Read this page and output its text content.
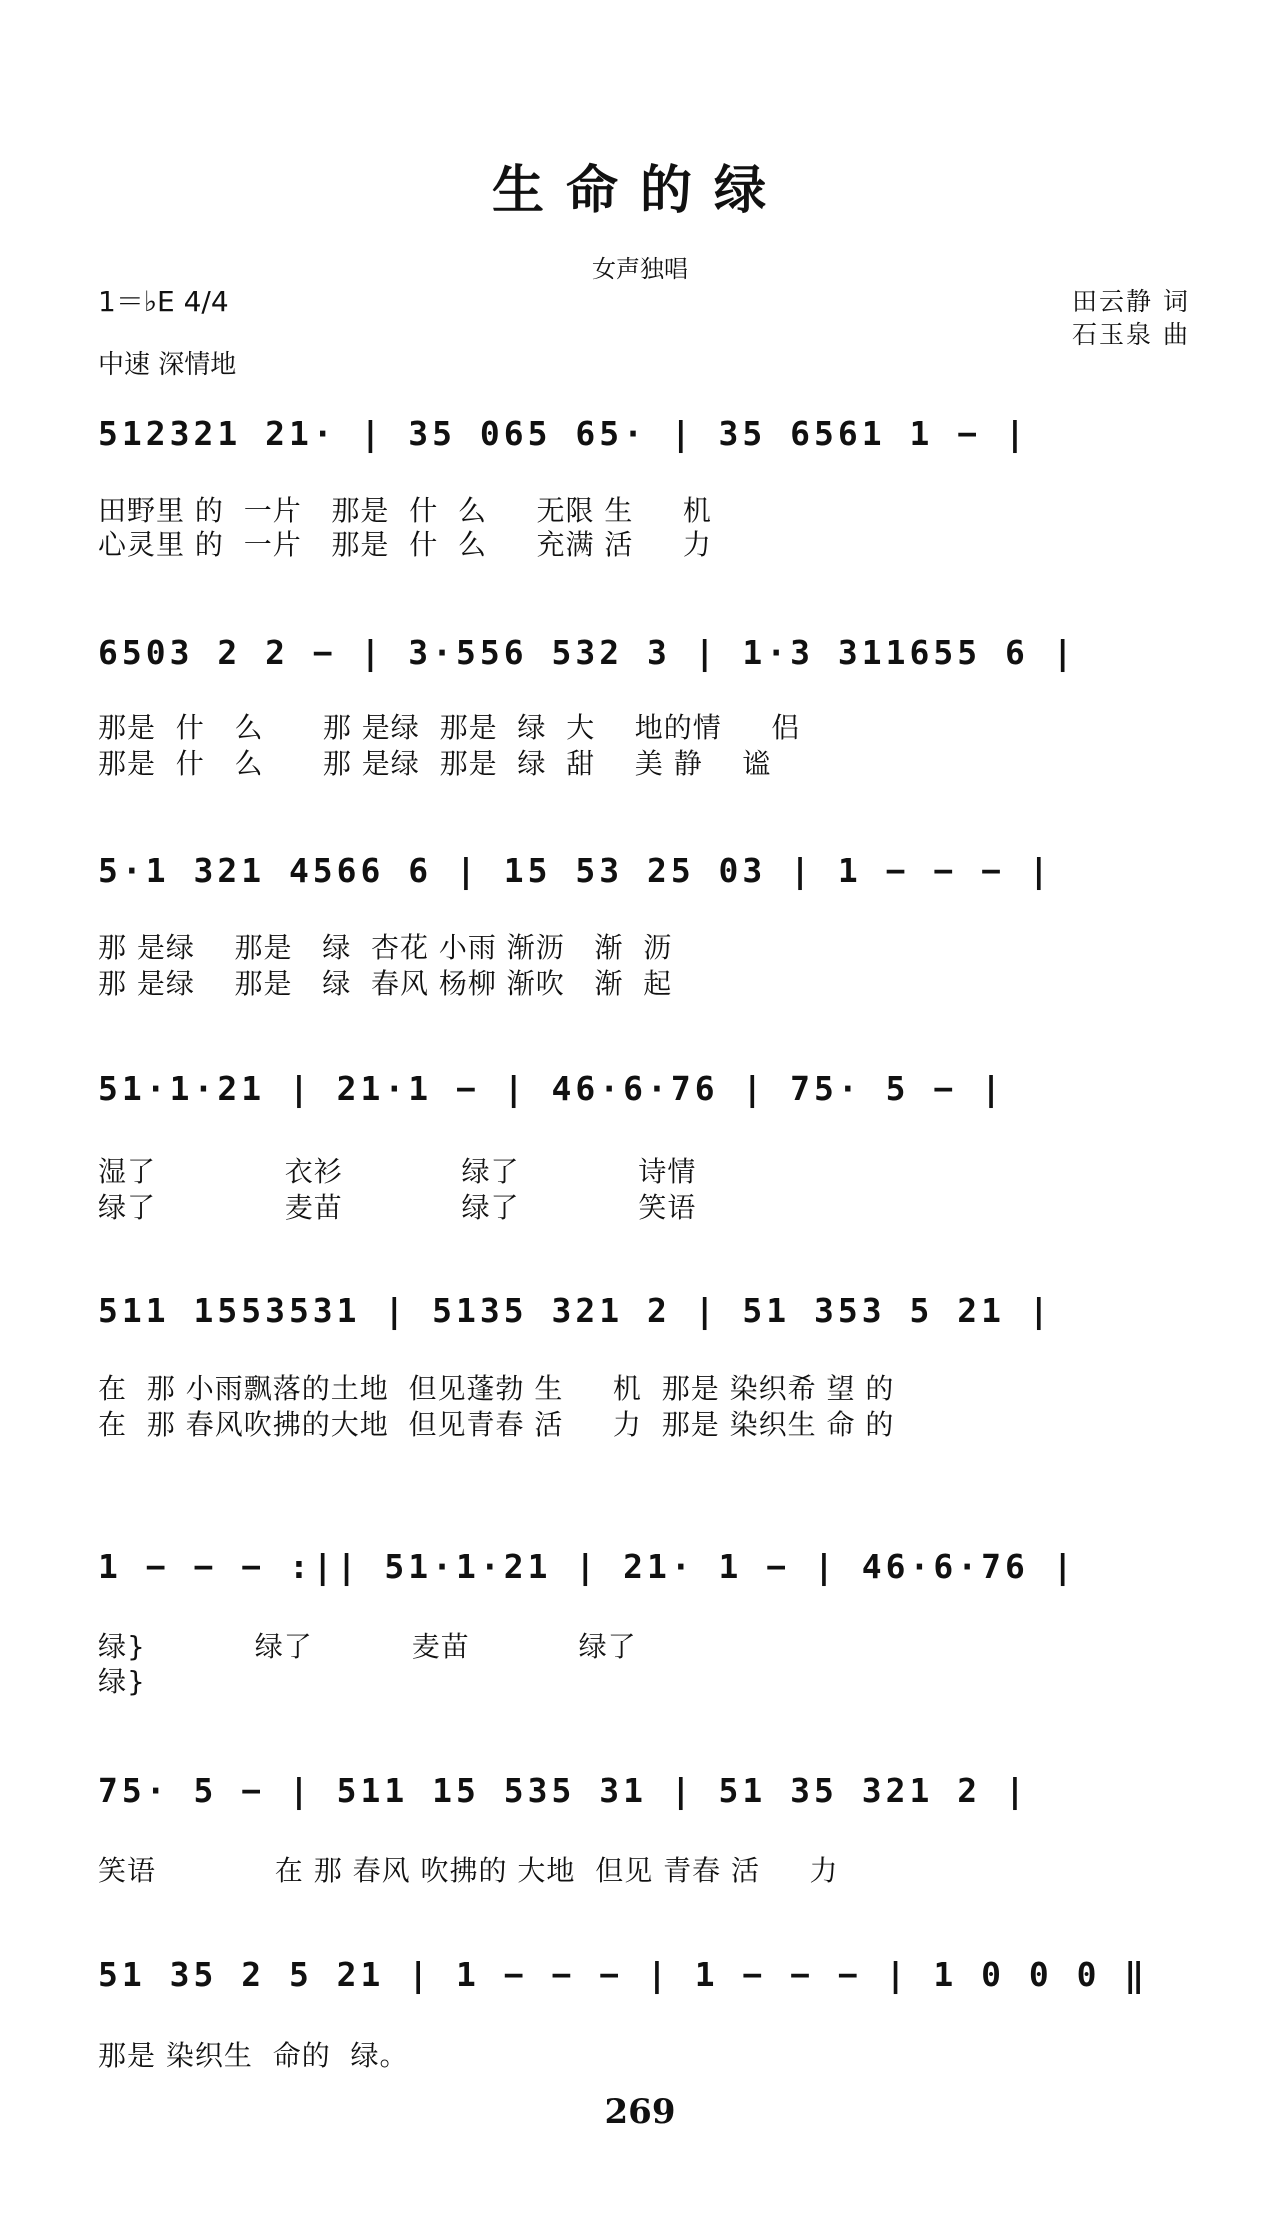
生命的绿
女声独唱
1＝♭E 4/4
中速 深情地
田云静 词
石玉泉 曲
512321 21· | 35 065 65· | 35 6561 1 − |
田野里 的  一片   那是  什  么     无限 生     机
心灵里 的  一片   那是  什  么     充满 活     力
6503 2 2 − | 3·556 532 3 | 1·3 311655 6 |
那是  什   么      那 是绿  那是  绿  大    地的情     侣
那是  什   么      那 是绿  那是  绿  甜    美 静    谧
5·1 321 4566 6 | 15 53 25 03 | 1 − − − |
那 是绿    那是   绿  杏花 小雨 渐沥   渐  沥
那 是绿    那是   绿  春风 杨柳 渐吹   渐  起
51·1·21 | 21·1 − | 46·6·76 | 75· 5 − |
湿了             衣衫            绿了            诗情
绿了             麦苗            绿了            笑语
511 1553531 | 5135 321 2 | 51 353 5 21 |
在  那 小雨飘落的土地  但见蓬勃 生     机  那是 染织希 望 的
在  那 春风吹拂的大地  但见青春 活     力  那是 染织生 命 的
1 − − − :|| 51·1·21 | 21· 1 − | 46·6·76 |
绿}           绿了          麦苗           绿了
绿}
75· 5 − | 511 15 535 31 | 51 35 321 2 |
笑语            在 那 春风 吹拂的 大地  但见 青春 活     力
51 35 2 5 21 | 1 − − − | 1 − − − | 1 0 0 0 ‖
那是 染织生  命的  绿。
269
